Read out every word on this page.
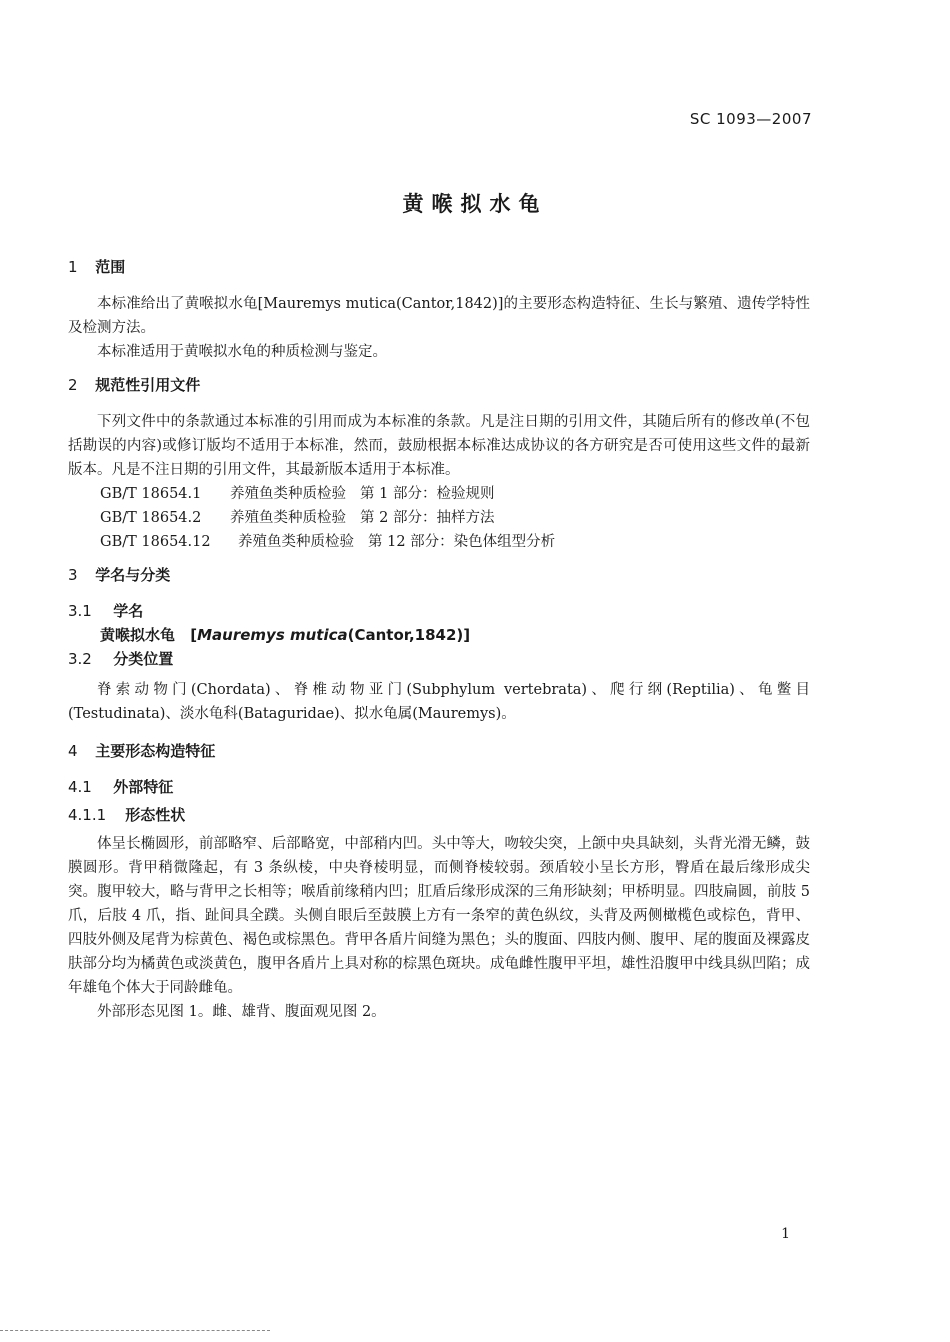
SC 1093—2007
黄喉拟水龟
1 范围

本标准给出了黄喉拟水龟[Mauremys mutica(Cantor,1842)]的主要形态构造特征、生长与繁殖、遗传学特性及检测方法。

本标准适用于黄喉拟水龟的种质检测与鉴定。

2 规范性引用文件

下列文件中的条款通过本标准的引用而成为本标准的条款。凡是注日期的引用文件，其随后所有的修改单(不包括勘误的内容)或修订版均不适用于本标准，然而，鼓励根据本标准达成协议的各方研究是否可使用这些文件的最新版本。凡是不注日期的引用文件，其最新版本适用于本标准。

GB/T 18654.1 养殖鱼类种质检验 第 1 部分：检验规则
GB/T 18654.2 养殖鱼类种质检验 第 2 部分：抽样方法
GB/T 18654.12 养殖鱼类种质检验 第 12 部分：染色体组型分析
3 学名与分类
3.1 学名
黄喉拟水龟 [Mauremys mutica(Cantor,1842)]
3.2 分类位置

脊索动物门(Chordata)、脊椎动物亚门(Subphylum vertebrata)、爬行纲(Reptilia)、龟鳖目(Testudinata)、淡水龟科(Bataguridae)、拟水龟属(Mauremys)。

4 主要形态构造特征
4.1 外部特征
4.1.1 形态性状

体呈长椭圆形，前部略窄、后部略宽，中部稍内凹。头中等大，吻较尖突，上颌中央具缺刻，头背光滑无鳞，鼓膜圆形。背甲稍微隆起，有 3 条纵棱，中央脊棱明显，而侧脊棱较弱。颈盾较小呈长方形，臀盾在最后缘形成尖突。腹甲较大，略与背甲之长相等；喉盾前缘稍内凹；肛盾后缘形成深的三角形缺刻；甲桥明显。四肢扁圆，前肢 5 爪，后肢 4 爪，指、趾间具全蹼。头侧自眼后至鼓膜上方有一条窄的黄色纵纹，头背及两侧橄榄色或棕色，背甲、四肢外侧及尾背为棕黄色、褐色或棕黑色。背甲各盾片间缝为黑色；头的腹面、四肢内侧、腹甲、尾的腹面及裸露皮肤部分均为橘黄色或淡黄色，腹甲各盾片上具对称的棕黑色斑块。成龟雌性腹甲平坦，雄性沿腹甲中线具纵凹陷；成年雄龟个体大于同龄雌龟。

外部形态见图 1。雌、雄背、腹面观见图 2。

1
